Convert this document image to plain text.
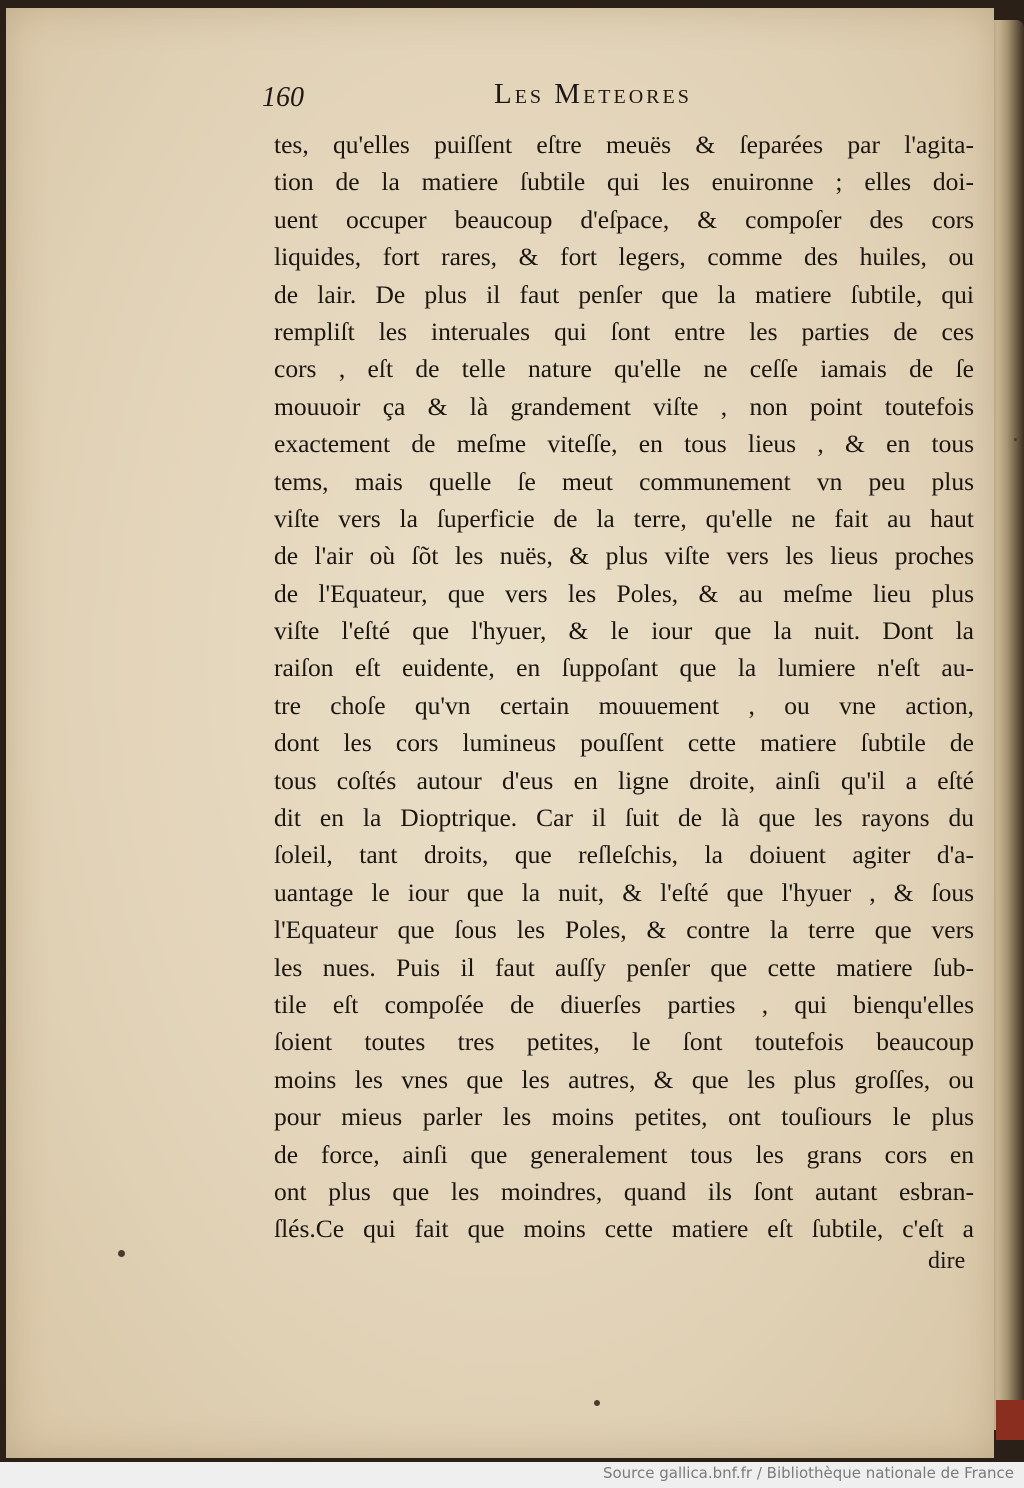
160	Les Meteores
tes, qu'elles puiſſent eſtre meuës & ſeparées par l'agita-
tion de la matiere ſubtile qui les enuironne ; elles doi-
uent occuper beaucoup d'eſpace, & compoſer des cors
liquides, fort rares, & fort legers, comme des huiles, ou
de lair. De plus il faut penſer que la matiere ſubtile, qui
rempliſt les interuales qui ſont entre les parties de ces
cors , eſt de telle nature qu'elle ne ceſſe iamais de ſe
mouuoir ça & là grandement viſte , non point toutefois
exactement de meſme viteſſe, en tous lieus , & en tous
tems, mais quelle ſe meut communement vn peu plus
viſte vers la ſuperficie de la terre, qu'elle ne fait au haut
de l'air où ſõt les nuës, & plus viſte vers les lieus proches
de l'Equateur, que vers les Poles, & au meſme lieu plus
viſte l'eſté que l'hyuer, & le iour que la nuit. Dont la
raiſon eſt euidente, en ſuppoſant que la lumiere n'eſt au-
tre choſe qu'vn certain mouuement , ou vne action,
dont les cors lumineus pouſſent cette matiere ſubtile de
tous coſtés autour d'eus en ligne droite, ainſi qu'il a eſté
dit en la Dioptrique. Car il ſuit de là que les rayons du
ſoleil, tant droits, que reſleſchis, la doiuent agiter d'a-
uantage le iour que la nuit, & l'eſté que l'hyuer , & ſous
l'Equateur que ſous les Poles, & contre la terre que vers
les nues. Puis il faut auſſy penſer que cette matiere ſub-
tile eſt compoſée de diuerſes parties , qui bienqu'elles
ſoient toutes tres petites, le ſont toutefois beaucoup
moins les vnes que les autres, & que les plus groſſes, ou
pour mieus parler les moins petites, ont touſiours le plus
de force, ainſi que generalement tous les grans cors en
ont plus que les moindres, quand ils ſont autant esbran-
ſlés.Ce qui fait que moins cette matiere eſt ſubtile, c'eſt a
dire
Source gallica.bnf.fr / Bibliothèque nationale de France
